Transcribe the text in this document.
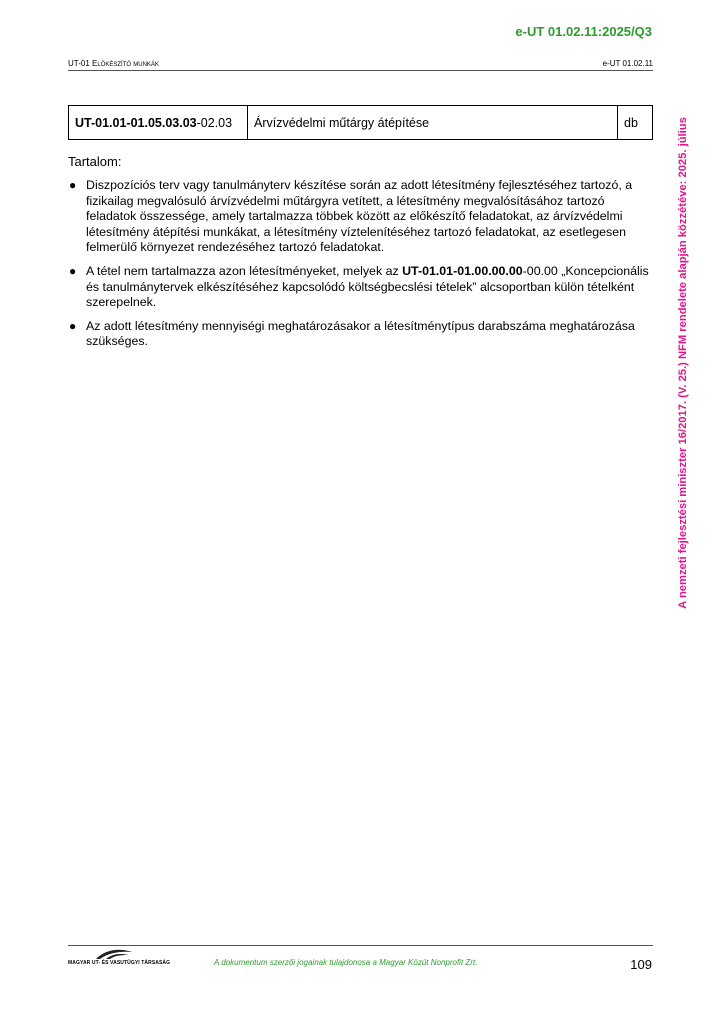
e-UT 01.02.11:2025/Q3
UT-01 Előkészítő munkák	e-UT 01.02.11
UT-01.01-01.05.03.03-02.03	Árvízvédelmi műtárgy átépítése	db
Tartalom:
● Diszpozíciós terv vagy tanulmányterv készítése során az adott létesítmény fejlesztéséhez tartozó, a fizikailag megvalósuló árvízvédelmi műtárgyra vetített, a létesítmény megvalósításához tartozó feladatok összessége, amely tartalmazza többek között az előkészítő feladatokat, az árvízvédelmi létesítmény átépítési munkákat, a létesítmény víztelenítéséhez tartozó feladatokat, az esetlegesen felmerülő környezet rendezéséhez tartozó feladatokat.
● A tétel nem tartalmazza azon létesítményeket, melyek az UT-01.01-01.00.00.00-00.00 „Koncepcionális és tanulmánytervek elkészítéséhez kapcsolódó költségbecslési tételek” alcsoportban külön tételként szerepelnek.
● Az adott létesítmény mennyiségi meghatározásakor a létesítménytípus darabszáma meghatározása szükséges.	A nemzeti fejlesztési miniszter 16/2017. (V. 25.) NFM rendelete alapján közzétéve: 2025. július
MAGYAR UT- ÉS VASUTÜGYI TÁRSASÁG	A dokumentum szerzői jogainak tulajdonosa a Magyar Közút Nonprofit Zrt.	109
